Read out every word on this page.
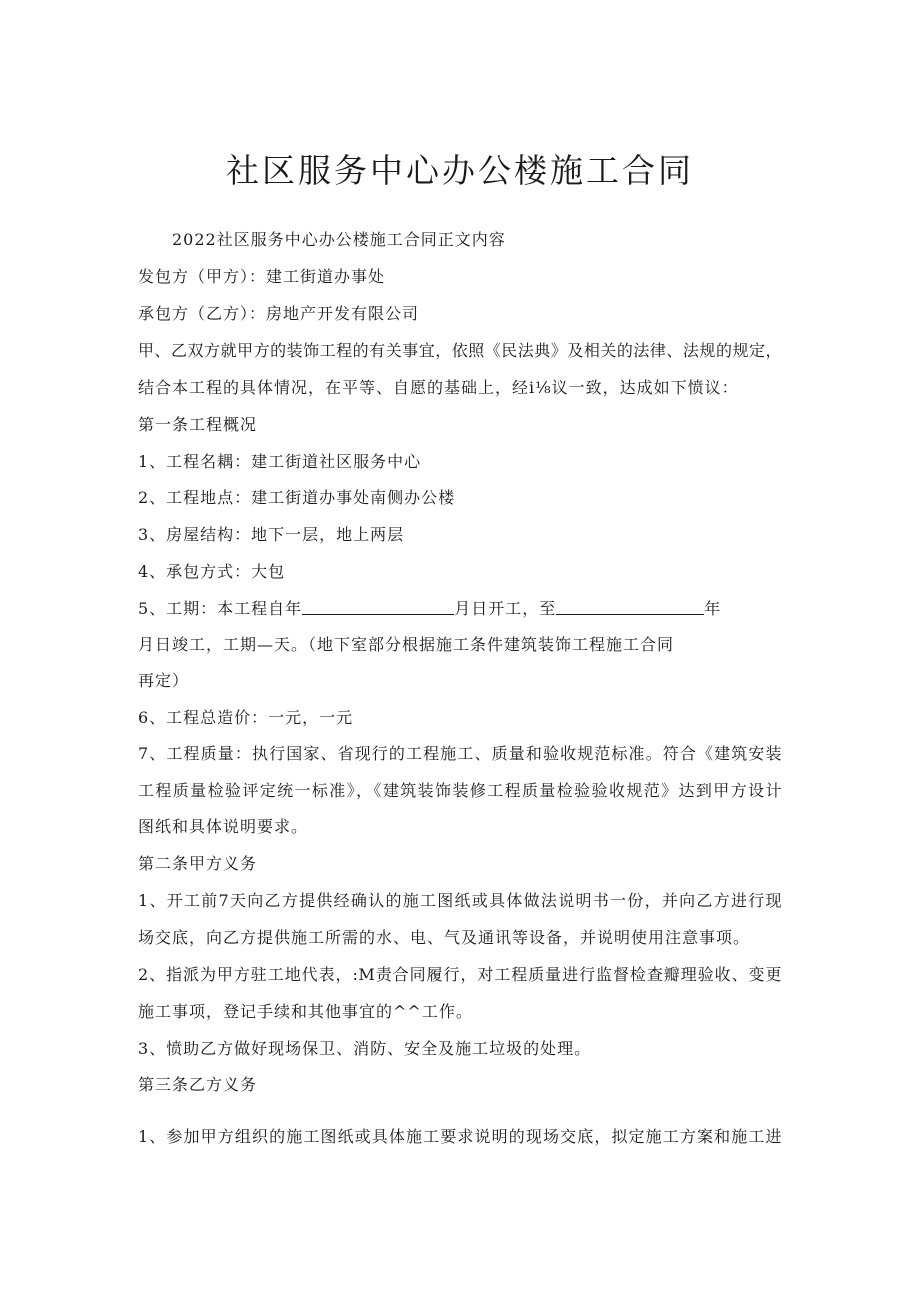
社区服务中心办公楼施工合同
2022社区服务中心办公楼施工合同正文内容
发包方（甲方）：建工街道办事处
承包方（乙方）：房地产开发有限公司
甲、乙双方就甲方的装饰工程的有关事宜，依照《民法典》及相关的法律、法规的规定，
结合本工程的具体情况，在平等、自愿的基础上，经i⅛议一致，达成如下愤议：
第一条工程概况
1、工程名耦：建工街道社区服务中心
2、工程地点：建工街道办事处南侧办公楼
3、房屋结构：地下一层，地上两层
4、承包方式：大包
5、工期：本工程自年	月日开工，至	年
月日竣工，工期—天。（地下室部分根据施工条件建筑装饰工程施工合同
再定）
6、工程总造价：一元，一元
7、工程质量：执行国家、省现行的工程施工、质量和验收规范标准。符合《建筑安装
工程质量检验评定统一标准》，《建筑装饰装修工程质量检验验收规范》达到甲方设计
图纸和具体说明要求。
第二条甲方义务
1、开工前7天向乙方提供经确认的施工图纸或具体做法说明书一份，并向乙方进行现
场交底，向乙方提供施工所需的水、电、气及通讯等设备，并说明使用注意事项。
2、指派为甲方驻工地代表，:M责合同履行，对工程质量进行监督检查瓣理验收、变更
施工事项，登记手续和其他事宜的^^工作。
3、愤助乙方做好现场保卫、消防、安全及施工垃圾的处理。
第三条乙方义务
1、参加甲方组织的施工图纸或具体施工要求说明的现场交底，拟定施工方案和施工进
